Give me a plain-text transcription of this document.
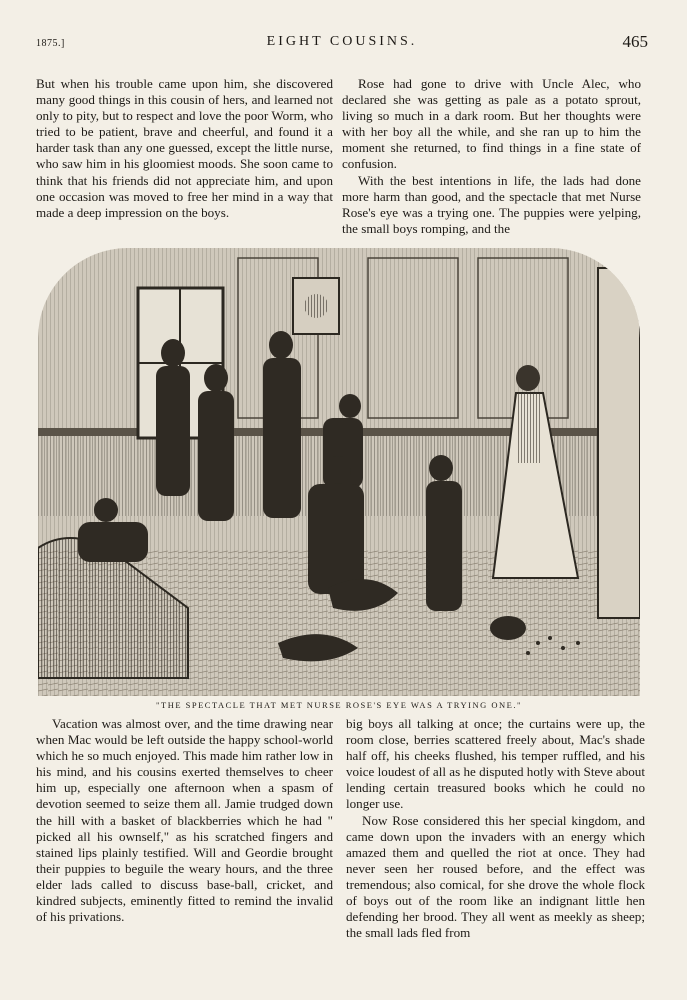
1875.]	EIGHT COUSINS.	465

But when his trouble came upon him, she discovered many good things in this cousin of hers, and learned not only to pity, but to respect and love the poor Worm, who tried to be patient, brave and cheerful, and found it a harder task than any one guessed, except the little nurse, who saw him in his gloomiest moods. She soon came to think that his friends did not appreciate him, and upon one occasion was moved to free her mind in a way that made a deep impression on the boys.

Rose had gone to drive with Uncle Alec, who declared she was getting as pale as a potato sprout, living so much in a dark room. But her thoughts were with her boy all the while, and she ran up to him the moment she returned, to find things in a fine state of confusion.

With the best intentions in life, the lads had done more harm than good, and the spectacle that met Nurse Rose's eye was a trying one. The puppies were yelping, the small boys romping, and the

"THE SPECTACLE THAT MET NURSE ROSE'S EYE WAS A TRYING ONE."

Vacation was almost over, and the time drawing near when Mac would be left outside the happy school-world which he so much enjoyed. This made him rather low in his mind, and his cousins exerted themselves to cheer him up, especially one afternoon when a spasm of devotion seemed to seize them all. Jamie trudged down the hill with a basket of blackberries which he had " picked all his ownself," as his scratched fingers and stained lips plainly testified. Will and Geordie brought their puppies to beguile the weary hours, and the three elder lads called to discuss base-ball, cricket, and kindred subjects, eminently fitted to remind the invalid of his privations.

big boys all talking at once; the curtains were up, the room close, berries scattered freely about, Mac's shade half off, his cheeks flushed, his temper ruffled, and his voice loudest of all as he disputed hotly with Steve about lending certain treasured books which he could no longer use.

Now Rose considered this her special kingdom, and came down upon the invaders with an energy which amazed them and quelled the riot at once. They had never seen her roused before, and the effect was tremendous; also comical, for she drove the whole flock of boys out of the room like an indignant little hen defending her brood. They all went as meekly as sheep; the small lads fled from
